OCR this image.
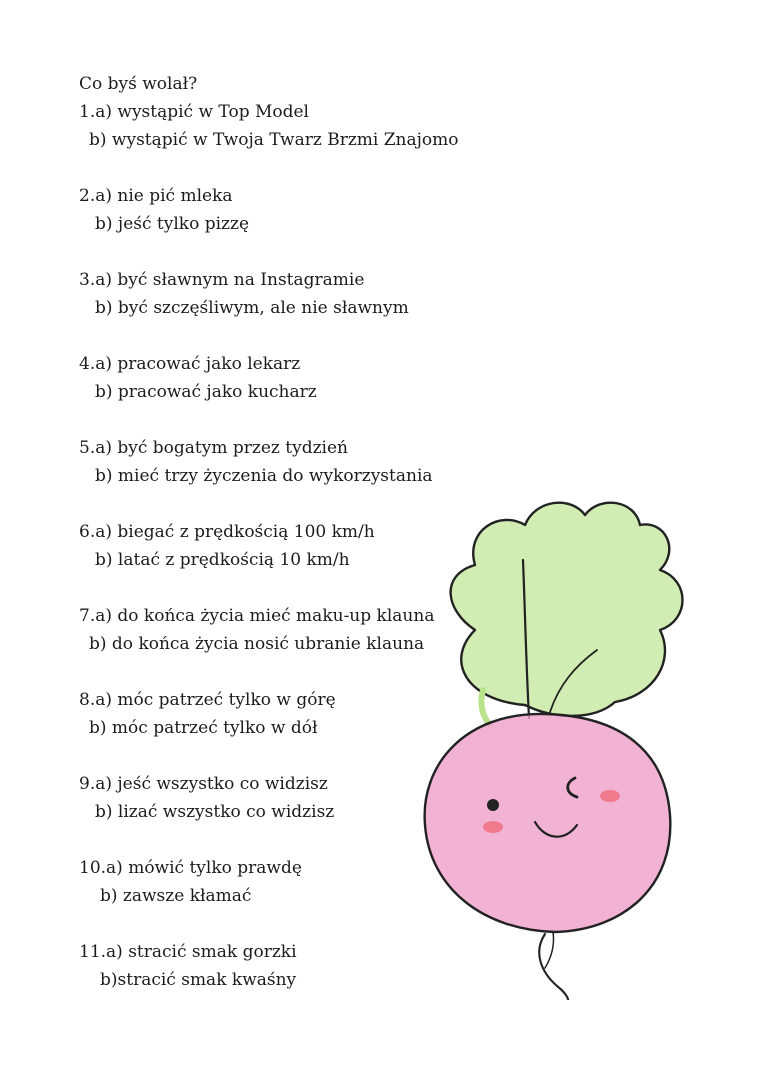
Co byś wolał?
1.a) wystąpić w Top Model
b) wystąpić w Twoja Twarz Brzmi Znajomo
2.a) nie pić mleka
b) jeść tylko pizzę
3.a) być sławnym na Instagramie
b) być szczęśliwym, ale nie sławnym
4.a) pracować jako lekarz
b) pracować jako kucharz
5.a) być bogatym przez tydzień
b) mieć trzy życzenia do wykorzystania
6.a) biegać z prędkością 100 km/h
b) latać z prędkością 10 km/h
7.a) do końca życia mieć maku-up klauna
b) do końca życia nosić ubranie klauna
8.a) móc patrzeć tylko w górę
b) móc patrzeć tylko w dół
9.a) jeść wszystko co widzisz
b) lizać wszystko co widzisz
10.a) mówić tylko prawdę
b) zawsze kłamać
11.a) stracić smak gorzki
b)stracić smak kwaśny
